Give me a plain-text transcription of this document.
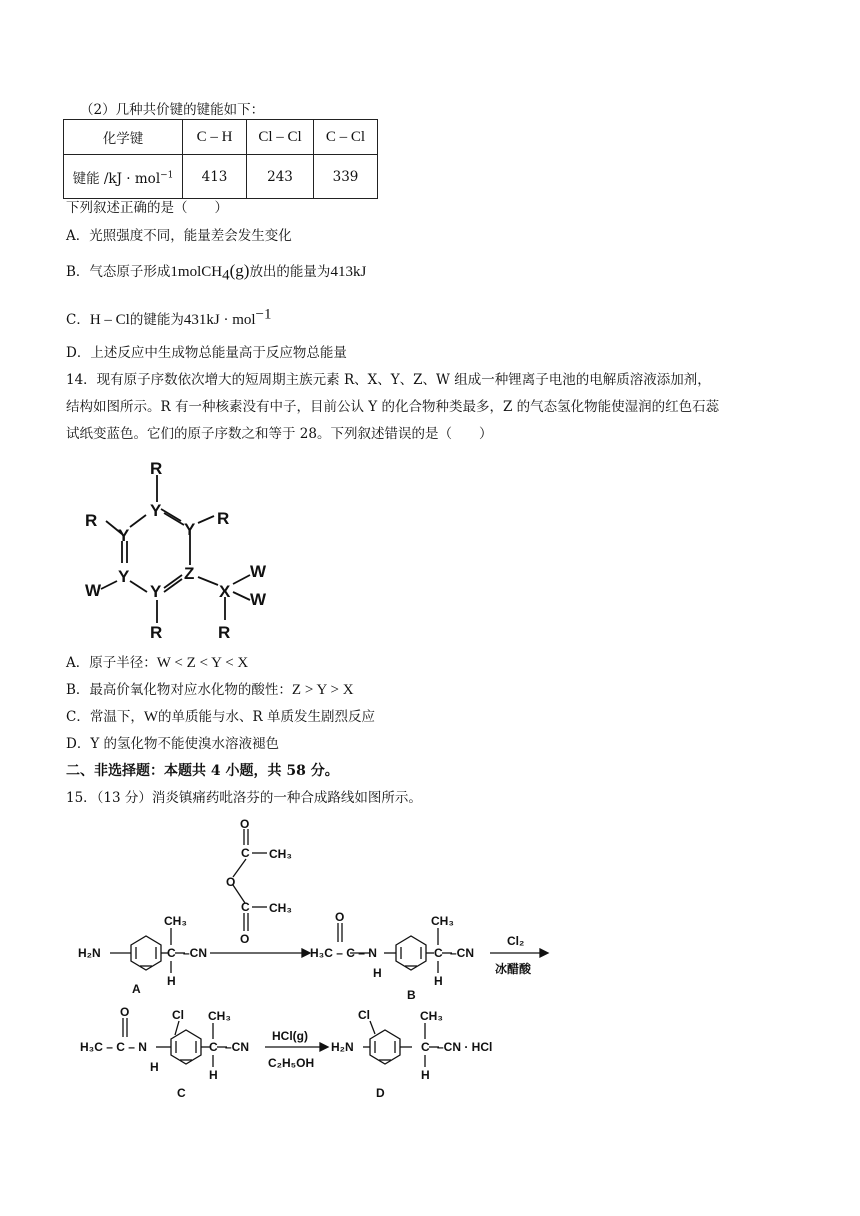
（2）几种共价键的键能如下：
化学键	C – H	Cl – Cl	C – Cl
键能 /kJ · mol$^{-1}$	413	243	339
下列叙述正确的是（　　）
A．光照强度不同，能量差会发生变化
B．气态原子形成1molCH$_4$(g)放出的能量为413kJ
C．H – Cl的键能为431kJ · mol$^{-1}$
D．上述反应中生成物总能量高于反应物总能量
14．现有原子序数依次增大的短周期主族元素 R、X、Y、Z、W 组成一种锂离子电池的电解质溶液添加剂，
结构如图所示。R 有一种核素没有中子，目前公认 Y 的化合物种类最多，Z 的气态氢化物能使湿润的红色石蕊
试纸变蓝色。它们的原子序数之和等于 28。下列叙述错误的是（　　）
R
Y	R
R
Y	Y
Y	Z
X
W
W
W	Y
R	R
A．原子半径：W < Z < Y < X
B．最高价氧化物对应水化物的酸性：Z > Y > X
C．常温下，W的单质能与水、R 单质发生剧烈反应
D．Y 的氢化物不能使溴水溶液褪色
二、非选择题：本题共 4 小题，共 58 分。
15．（13 分）消炎镇痛药吡洛芬的一种合成路线如图所示。
O
C CH₃
O
C CH₃
O
H₂N
CH₃
C
H
–CN
A
O
H₃C – C – N
H
CH₃
C
H
–CN
Cl₂
冰醋酸
B
O
H₃C – C – N
H
Cl CH₃
C
H
–CN
HCl(g)
C₂H₅OH
C
H₂N
Cl	CH₃
C
H
–CN · HCl
D
